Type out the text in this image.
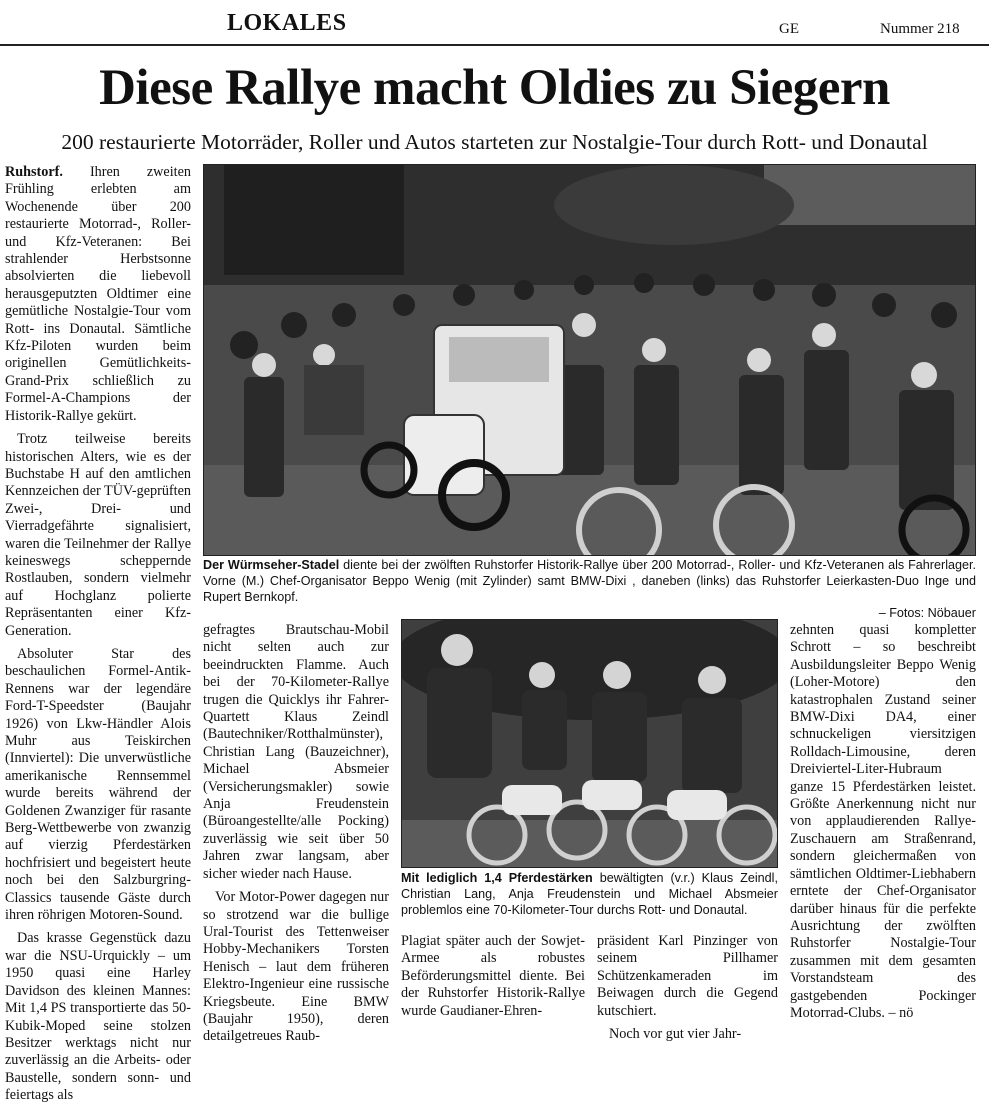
LOKALES	GE	Nummer 218
Diese Rallye macht Oldies zu Siegern
200 restaurierte Motorräder, Roller und Autos starteten zur Nostalgie-Tour durch Rott- und Donautal

Ruhstorf. Ihren zweiten Frühling erlebten am Wochenende über 200 restaurierte Motorrad-, Roller- und Kfz-Veteranen: Bei strahlender Herbstsonne absolvierten die liebevoll herausgeputzten Oldtimer eine gemütliche Nostalgie-Tour vom Rott- ins Donautal. Sämtliche Kfz-Piloten wurden beim originellen Gemütlichkeits-Grand-Prix schließlich zu Formel-A-Champions der Historik-Rallye gekürt.

Trotz teilweise bereits historischen Alters, wie es der Buchstabe H auf den amtlichen Kennzeichen der TÜV-geprüften Zwei-, Drei- und Vierradgefährte signalisiert, waren die Teilnehmer der Rallye keineswegs scheppernde Rostlauben, sondern vielmehr auf Hochglanz polierte Repräsentanten einer Kfz-Generation.

Absoluter Star des beschaulichen Formel-Antik-Rennens war der legendäre Ford-T-Speedster (Baujahr 1926) von Lkw-Händler Alois Muhr aus Teiskirchen (Innviertel): Die unverwüstliche amerikanische Rennsemmel wurde bereits während der Goldenen Zwanziger für rasante Berg-Wettbewerbe von zwanzig auf vierzig Pferdestärken hochfrisiert und begeistert heute noch bei den Salzburgring-Classics tausende Gäste durch ihren röhrigen Motoren-Sound.

Das krasse Gegenstück dazu war die NSU-Urquickly – um 1950 quasi eine Harley Davidson des kleinen Mannes: Mit 1,4 PS transportierte das 50-Kubik-Moped seine stolzen Besitzer werktags nicht nur zuverlässig an die Arbeits- oder Baustelle, sondern sonn- und feiertags als

Der Würmseher-Stadel diente bei der zwölften Ruhstorfer Historik-Rallye über 200 Motorrad-, Roller- und Kfz-Veteranen als Fahrerlager. Vorne (M.) Chef-Organisator Beppo Wenig (mit Zylinder) samt BMW-Dixi , daneben (links) das Ruhstorfer Leierkasten-Duo Inge und Rupert Bernkopf.
– Fotos: Nöbauer

gefragtes Brautschau-Mobil nicht selten auch zur beeindruckten Flamme. Auch bei der 70-Kilometer-Rallye trugen die Quicklys ihr Fahrer-Quartett Klaus Zeindl (Bautechniker/Rotthalmünster), Christian Lang (Bauzeichner), Michael Absmeier (Versicherungsmakler) sowie Anja Freudenstein (Büroangestellte/alle Pocking) zuverlässig wie seit über 50 Jahren zwar langsam, aber sicher wieder nach Hause.

Vor Motor-Power dagegen nur so strotzend war die bullige Ural-Tourist des Tettenweiser Hobby-Mechanikers Torsten Henisch – laut dem früheren Elektro-Ingenieur eine russische Kriegsbeute. Eine BMW (Baujahr 1950), deren detailgetreues Raub-

Mit lediglich 1,4 Pferdestärken bewältigten (v.r.) Klaus Zeindl, Christian Lang, Anja Freudenstein und Michael Absmeier problemlos eine 70-Kilometer-Tour durchs Rott- und Donautal.

Plagiat später auch der Sowjet-Armee als robustes Beförderungsmittel diente. Bei der Ruhstorfer Historik-Rallye wurde Gaudianer-Ehren-

präsident Karl Pinzinger von seinem Pillhamer Schützenkameraden im Beiwagen durch die Gegend kutschiert.

Noch vor gut vier Jahr-

zehnten quasi kompletter Schrott – so beschreibt Ausbildungsleiter Beppo Wenig (Loher-Motore) den katastrophalen Zustand seiner BMW-Dixi DA4, einer schnuckeligen viersitzigen Rolldach-Limousine, deren Dreiviertel-Liter-Hubraum ganze 15 Pferdestärken leistet. Größte Anerkennung nicht nur von applaudierenden Rallye-Zuschauern am Straßenrand, sondern gleichermaßen von sämtlichen Oldtimer-Liebhabern erntete der Chef-Organisator darüber hinaus für die perfekte Ausrichtung der zwölften Ruhstorfer Nostalgie-Tour zusammen mit dem gesamten Vorstandsteam des gastgebenden Pockinger Motorrad-Clubs. – nö
